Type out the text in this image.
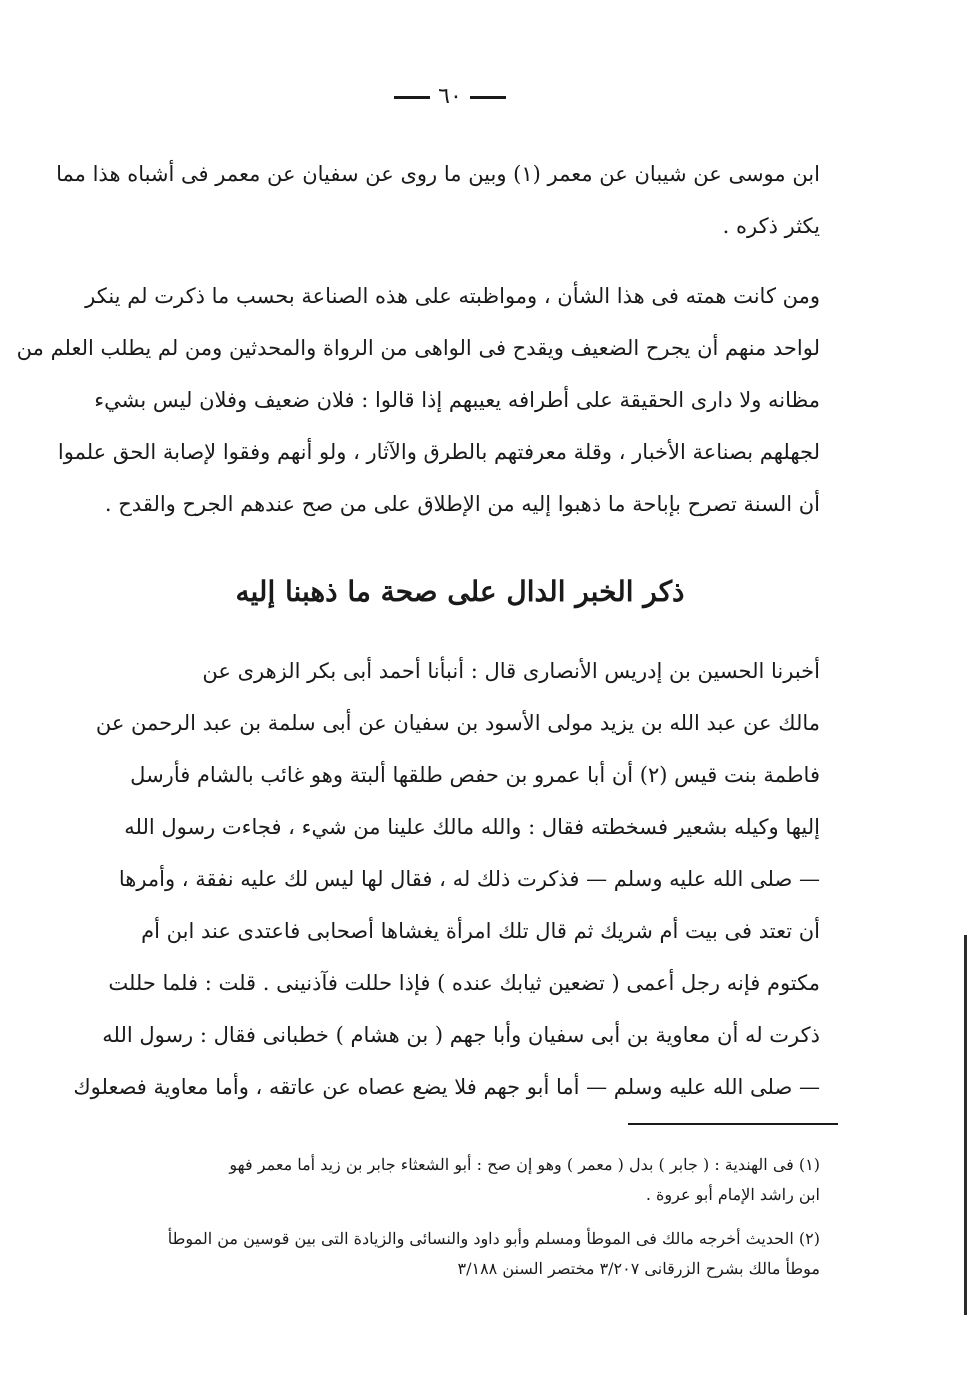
٦٠
ابن موسى عن شيبان عن معمر (١) وبين ما روى عن سفيان عن معمر فى أشباه هذا مما
يكثر ذكره .
ومن كانت همته فى هذا الشأن ، ومواظبته على هذه الصناعة بحسب ما ذكرت لم ينكر
لواحد منهم أن يجرح الضعيف ويقدح فى الواهى من الرواة والمحدثين ومن لم يطلب العلم من
مظانه ولا دارى الحقيقة على أطرافه يعيبهم إذا قالوا : فلان ضعيف وفلان ليس بشيء
لجهلهم بصناعة الأخبار ، وقلة معرفتهم بالطرق والآثار ، ولو أنهم وفقوا لإصابة الحق علموا
أن السنة تصرح بإباحة ما ذهبوا إليه من الإطلاق على من صح عندهم الجرح والقدح .
ذكر الخبر الدال على صحة ما ذهبنا إليه
أخبرنا الحسين بن إدريس الأنصارى قال : أنبأنا أحمد أبى بكر الزهرى عن
مالك عن عبد الله بن يزيد مولى الأسود بن سفيان عن أبى سلمة بن عبد الرحمن عن
فاطمة بنت قيس (٢) أن أبا عمرو بن حفص طلقها ألبتة وهو غائب بالشام فأرسل
إليها وكيله بشعير فسخطته فقال : والله مالك علينا من شيء ، فجاءت رسول الله
— صلى الله عليه وسلم — فذكرت ذلك له ، فقال لها ليس لك عليه نفقة ، وأمرها
أن تعتد فى بيت أم شريك ثم قال تلك امرأة يغشاها أصحابى فاعتدى عند ابن أم
مكتوم فإنه رجل أعمى ( تضعين ثيابك عنده ) فإذا حللت فآذنينى . قلت : فلما حللت
ذكرت له أن معاوية بن أبى سفيان وأبا جهم ( بن هشام ) خطبانى فقال : رسول الله
— صلى الله عليه وسلم — أما أبو جهم فلا يضع عصاه عن عاتقه ، وأما معاوية فصعلوك
(١) فى الهندية : ( جابر ) بدل ( معمر ) وهو إن صح : أبو الشعثاء جابر بن زيد أما معمر فهو
ابن راشد الإمام أبو عروة .
(٢) الحديث أخرجه مالك فى الموطأ ومسلم وأبو داود والنسائى والزيادة التى بين قوسين من الموطأ
موطأ مالك بشرح الزرقانى ٣/٢٠٧ مختصر السنن ٣/١٨٨
